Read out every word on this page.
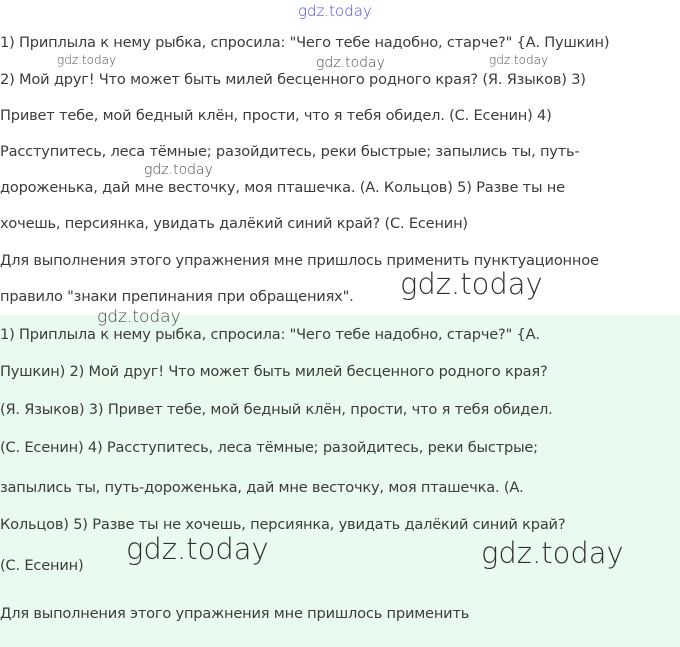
gdz.today
1) Приплыла к нему рыбка, спросила: "Чего тебе надобно, старче?" {А. Пушкин)
2) Мой друг! Что может быть милей бесценного родного края? (Я. Языков) 3)
Привет тебе, мой бедный клён, прости, что я тебя обидел. (С. Есенин) 4)
Расступитесь, леса тёмные; разойдитесь, реки быстрые; запылись ты, путь-
дороженька, дай мне весточку, моя пташечка. (А. Кольцов) 5) Разве ты не
хочешь, персиянка, увидать далёкий синий край? (С. Есенин)
Для выполнения этого упражнения мне пришлось применить пунктуационное
правило "знаки препинания при обращениях".
1) Приплыла к нему рыбка, спросила: "Чего тебе надобно, старче?" {А.
Пушкин) 2) Мой друг! Что может быть милей бесценного родного края?
(Я. Языков) 3) Привет тебе, мой бедный клён, прости, что я тебя обидел.
(С. Есенин) 4) Расступитесь, леса тёмные; разойдитесь, реки быстрые;
запылись ты, путь-дороженька, дай мне весточку, моя пташечка. (А.
Кольцов) 5) Разве ты не хочешь, персиянка, увидать далёкий синий край?
(С. Есенин)
Для выполнения этого упражнения мне пришлось применить
gdz.today	gdz.today	gdz.today
gdz.today
gdz.today
gdz.today
gdz.today	gdz.today
